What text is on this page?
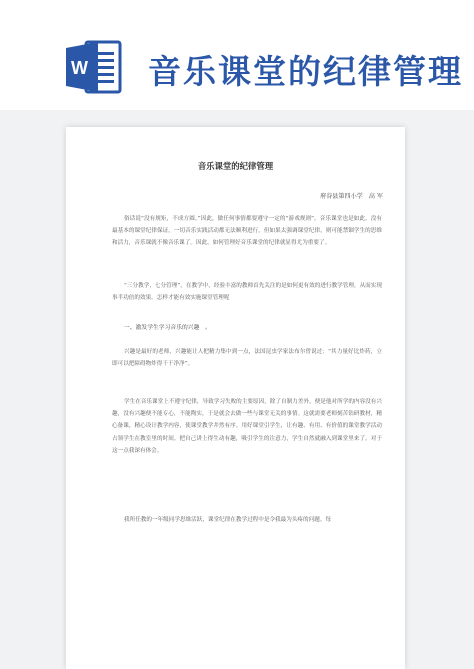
W 音乐课堂的纪律管理
音乐课堂的纪律管理
府谷县第四小学　高 军

俗话说“没有规矩，不成方圆。”因此，做任何事情都要遵守一定的“游戏规则”，音乐课堂也是如此。没有最基本的课堂纪律保证，一切音乐实践活动都无法顺利进行。但如果太强调课堂纪律，则可能禁锢学生的思维和活力，音乐课就不像音乐课了。因此，如何管理好音乐课堂的纪律就显得尤为重要了。

“三分教学，七分管理”，在教学中，经验丰富的教师首先关注的是如何更有效的进行教学管理，从而实现事半功倍的效果。怎样才能有效实施课堂管理呢

一、激发学生学习音乐的兴趣　。

兴趣是最好的老师，兴趣能让人把精力集中到一点，法国昆虫学家法布尔曾说过：“其力量好比炸药，立即可以把障碍物炸得干干净净”。

学生在音乐课堂上不遵守纪律，导致学习失败的主要原因，除了自制力差外，便是他对所学的内容没有兴趣，没有兴趣便不能专心，不能陶实，于是就会去做一些与课堂无关的事情。这就需要老师刻苦钻研教材，精心备课，精心设计教学内容，使课堂教学井然有序。用好课堂引学生，让有趣、有用、有价值的课堂教学活动占领学生在教室里的时间。把自己讲上得生动有趣，吸引学生的注意力，学生自然就融入到课堂里来了。对于这一点我深有体会。

我所任教的一年级同学思维活跃，课堂纪律在教学过程中是令我最为头疼的问题。每
